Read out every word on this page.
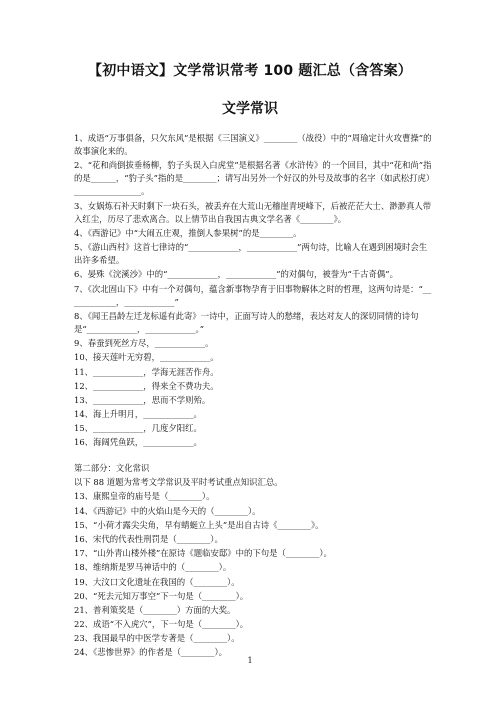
【初中语文】文学常识常考 100 题汇总（含答案）
文学常识
1、成语“万事俱备，只欠东风”是根据《三国演义》________（战役）中的“周瑜定计火攻曹操”的故事演化来的。
2、“花和尚倒拔垂杨柳，豹子头误入白虎堂”是根据名著《水浒传》的一个回目，其中“花和尚”指的是______，“豹子头”指的是________；请写出另外一个好汉的外号及故事的名字（如武松打虎）________________。
3、女娲炼石补天时剩下一块石头，被丢弃在大荒山无稽崖青埂峰下，后被茫茫大士、渺渺真人带入红尘，历尽了悲欢离合。以上情节出自我国古典文学名著《________》。
4、《西游记》中“大闹五庄观，推倒人参果树”的是________。
5、《游山西村》这首七律诗的“____________，____________”两句诗，比喻人在遇到困境时会生出许多希望。
6、晏殊《浣溪沙》中的“____________，____________”的对偶句，被誉为“千古奇偶”。
7、《次北固山下》中有一个对偶句，蕴含新事物孕育于旧事物解体之时的哲理，这两句诗是：“____________，____________”
8、《闻王昌龄左迁龙标遥有此寄》一诗中，正面写诗人的愁绪，表达对友人的深切同情的诗句是“____________，____________。”
9、春蚕到死丝方尽，____________。
10、接天莲叶无穷碧，____________。
11、____________，学海无涯苦作舟。
12、____________，得来全不费功夫。
13、____________，思而不学则殆。
14、海上升明月，____________。
15、____________，几度夕阳红。
16、海阔凭鱼跃，____________。
第二部分：文化常识
以下 88 道题为常考文学常识及平时考试重点知识汇总。
13、康熙皇帝的庙号是（________）。
14、《西游记》中的火焰山是今天的（________）。
15、“小荷才露尖尖角，早有蜻蜓立上头”是出自古诗《________》。
16、宋代的代表性刑罚是（________）。
17、“山外青山楼外楼”在原诗《题临安邸》中的下句是（________）。
18、维纳斯是罗马神话中的（________）。
19、大汶口文化遗址在我国的（________）。
20、“死去元知万事空”下一句是（________）。
21、普利策奖是（________）方面的大奖。
22、成语“不入虎穴”，下一句是（________）。
23、我国最早的中医学专著是（________）。
24、《悲惨世界》的作者是（________）。
1
